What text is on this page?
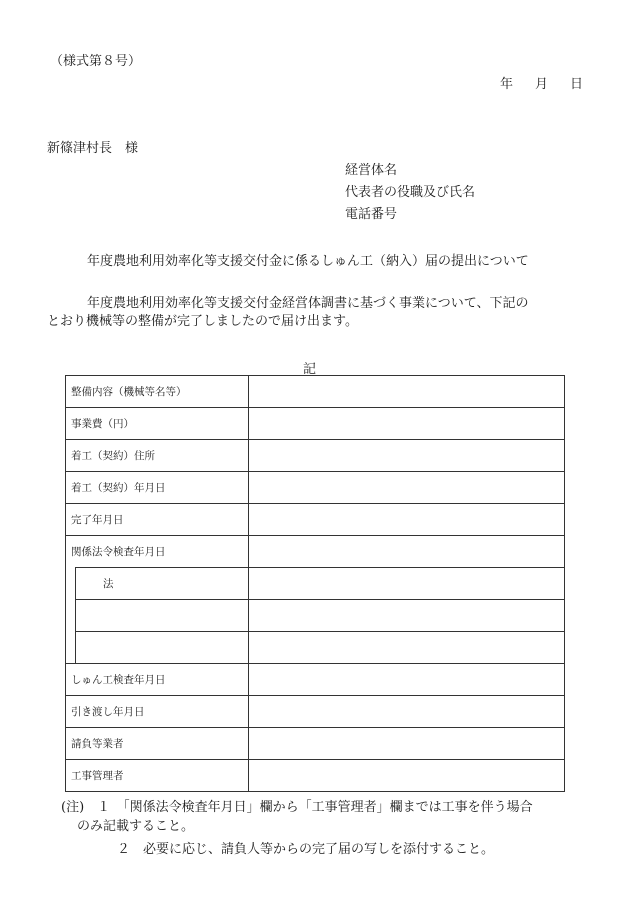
（様式第８号）
年 月 日
新篠津村長　様
経営体名
代表者の役職及び氏名
電話番号
年度農地利用効率化等支援交付金に係るしゅん工（納入）届の提出について
年度農地利用効率化等支援交付金経営体調書に基づく事業について、下記の
とおり機械等の整備が完了しましたので届け出ます。
記
整備内容（機械等名等）		
事業費（円）		
着工（契約）住所		
着工（契約）年月日		
完了年月日		
関係法令検査年月日		
	法	

しゅん工検査年月日		
引き渡し年月日		
請負等業者		
工事管理者		
(注)　１　「関係法令検査年月日」欄から「工事管理者」欄までは工事を伴う場合
のみ記載すること。
２　必要に応じ、請負人等からの完了届の写しを添付すること。
